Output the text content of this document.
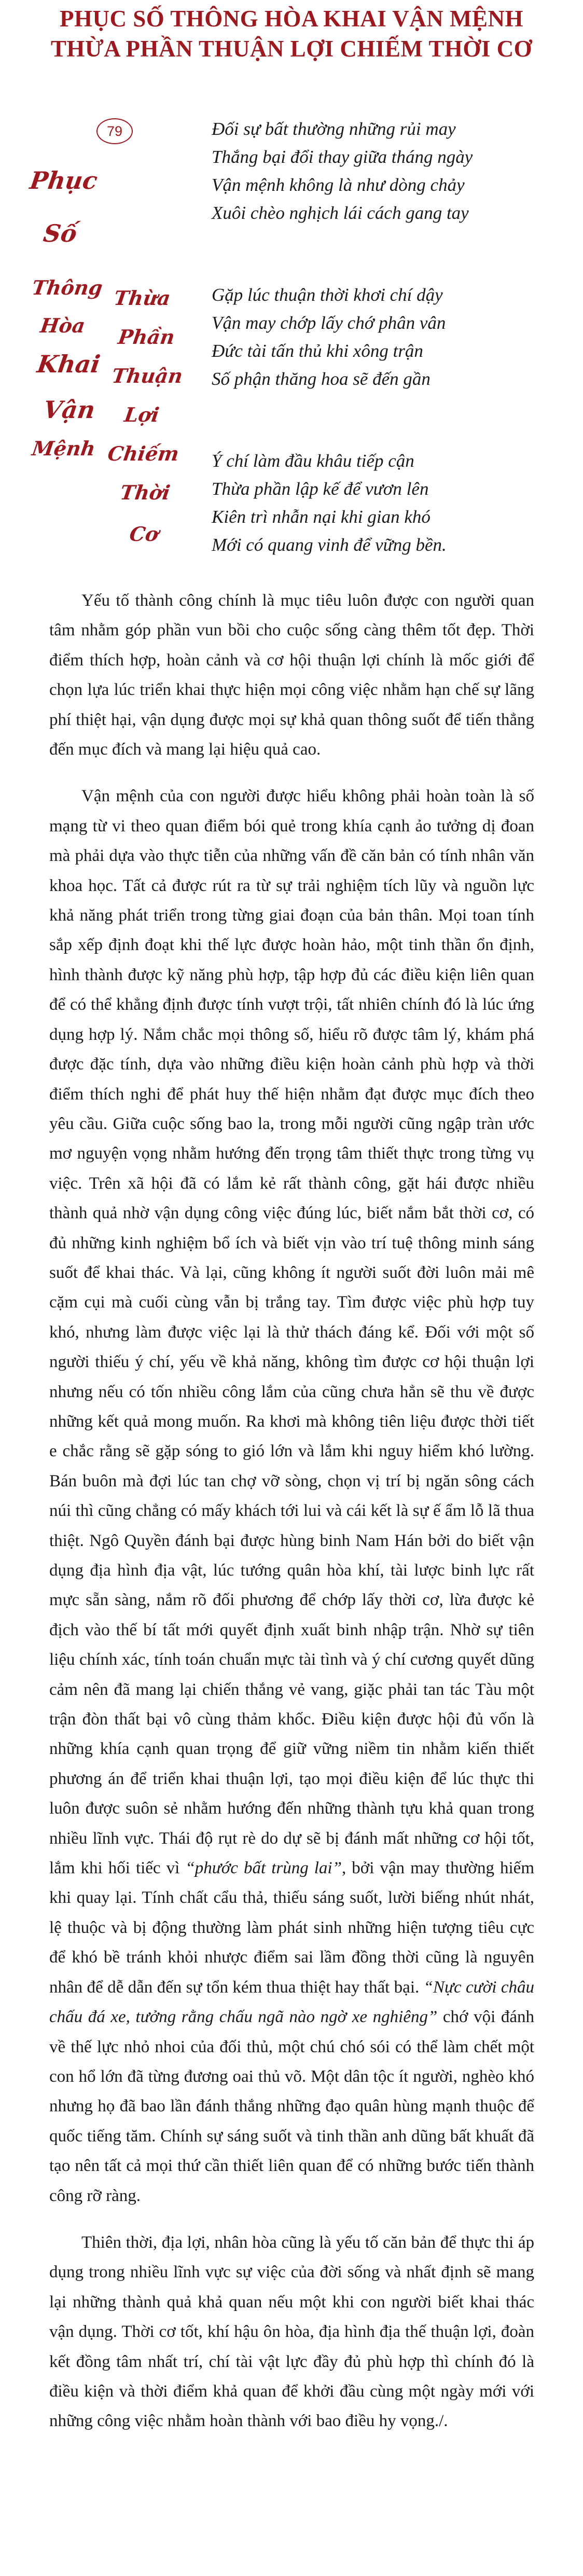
PHỤC SỐ THÔNG HÒA KHAI VẬN MỆNH
THỪA PHẦN THUẬN LỢI CHIẾM THỜI CƠ
79
Phục
Số
Thông
Hòa
Khai
Vận
Mệnh
Thừa
Phần
Thuận
Lợi
Chiếm
Thời
Cơ
Đối sự bất thường những rủi may
Thắng bại đổi thay giữa tháng ngày
Vận mệnh không là như dòng chảy
Xuôi chèo nghịch lái cách gang tay
Gặp lúc thuận thời khơi chí dậy
Vận may chớp lấy chớ phân vân
Đức tài tấn thủ khi xông trận
Số phận thăng hoa sẽ đến gần
Ý chí làm đầu khâu tiếp cận
Thừa phần lập kế để vươn lên
Kiên trì nhẫn nại khi gian khó
Mới có quang vinh để vững bền.

Yếu tố thành công chính là mục tiêu luôn được con người quan tâm nhằm góp phần vun bồi cho cuộc sống càng thêm tốt đẹp. Thời điểm thích hợp, hoàn cảnh và cơ hội thuận lợi chính là mốc giới để chọn lựa lúc triển khai thực hiện mọi công việc nhằm hạn chế sự lãng phí thiệt hại, vận dụng được mọi sự khả quan thông suốt để tiến thẳng đến mục đích và mang lại hiệu quả cao.

Vận mệnh của con người được hiểu không phải hoàn toàn là số mạng từ vi theo quan điểm bói quẻ trong khía cạnh ảo tưởng dị đoan mà phải dựa vào thực tiễn của những vấn đề căn bản có tính nhân văn khoa học. Tất cả được rút ra từ sự trải nghiệm tích lũy và nguồn lực khả năng phát triển trong từng giai đoạn của bản thân. Mọi toan tính sắp xếp định đoạt khi thế lực được hoàn hảo, một tinh thần ổn định, hình thành được kỹ năng phù hợp, tập hợp đủ các điều kiện liên quan để có thể khẳng định được tính vượt trội, tất nhiên chính đó là lúc ứng dụng hợp lý. Nắm chắc mọi thông số, hiểu rõ được tâm lý, khám phá được đặc tính, dựa vào những điều kiện hoàn cảnh phù hợp và thời điểm thích nghi để phát huy thế hiện nhằm đạt được mục đích theo yêu cầu. Giữa cuộc sống bao la, trong mỗi người cũng ngập tràn ước mơ nguyện vọng nhằm hướng đến trọng tâm thiết thực trong từng vụ việc. Trên xã hội đã có lắm kẻ rất thành công, gặt hái được nhiều thành quả nhờ vận dụng công việc đúng lúc, biết nắm bắt thời cơ, có đủ những kinh nghiệm bổ ích và biết vịn vào trí tuệ thông minh sáng suốt để khai thác. Và lại, cũng không ít người suốt đời luôn mải mê cặm cụi mà cuối cùng vẫn bị trắng tay. Tìm được việc phù hợp tuy khó, nhưng làm được việc lại là thử thách đáng kể. Đối với một số người thiếu ý chí, yếu về khả năng, không tìm được cơ hội thuận lợi nhưng nếu có tốn nhiều công lắm của cũng chưa hẳn sẽ thu về được những kết quả mong muốn. Ra khơi mà không tiên liệu được thời tiết e chắc rằng sẽ gặp sóng to gió lớn và lắm khi nguy hiểm khó lường. Bán buôn mà đợi lúc tan chợ vỡ sòng, chọn vị trí bị ngăn sông cách núi thì cũng chẳng có mấy khách tới lui và cái kết là sự ế ẩm lỗ lã thua thiệt. Ngô Quyền đánh bại được hùng binh Nam Hán bởi do biết vận dụng địa hình địa vật, lúc tướng quân hòa khí, tài lược binh lực rất mực sẵn sàng, nắm rõ đối phương để chớp lấy thời cơ, lừa được kẻ địch vào thế bí tất mới quyết định xuất binh nhập trận. Nhờ sự tiên liệu chính xác, tính toán chuẩn mực tài tình và ý chí cương quyết dũng cảm nên đã mang lại chiến thắng vẻ vang, giặc phải tan tác Tàu một trận đòn thất bại vô cùng thảm khốc. Điều kiện được hội đủ vốn là những khía cạnh quan trọng để giữ vững niềm tin nhằm kiến thiết phương án để triển khai thuận lợi, tạo mọi điều kiện để lúc thực thi luôn được suôn sẻ nhằm hướng đến những thành tựu khả quan trong nhiều lĩnh vực. Thái độ rụt rè do dự sẽ bị đánh mất những cơ hội tốt, lắm khi hối tiếc vì “phước bất trùng lai”, bởi vận may thường hiếm khi quay lại. Tính chất cẩu thả, thiếu sáng suốt, lười biếng nhút nhát, lệ thuộc và bị động thường làm phát sinh những hiện tượng tiêu cực để khó bề tránh khỏi nhược điểm sai lầm đồng thời cũng là nguyên nhân để dễ dẫn đến sự tổn kém thua thiệt hay thất bại. “Nực cười châu chấu đá xe, tưởng rằng chấu ngã nào ngờ xe nghiêng” chớ vội đánh về thế lực nhỏ nhoi của đối thủ, một chú chó sói có thể làm chết một con hổ lớn đã từng đương oai thủ võ. Một dân tộc ít người, nghèo khó nhưng họ đã bao lần đánh thắng những đạo quân hùng mạnh thuộc để quốc tiếng tăm. Chính sự sáng suốt và tinh thần anh dũng bất khuất đã tạo nên tất cả mọi thứ cần thiết liên quan để có những bước tiến thành công rỡ ràng.

Thiên thời, địa lợi, nhân hòa cũng là yếu tố căn bản để thực thi áp dụng trong nhiều lĩnh vực sự việc của đời sống và nhất định sẽ mang lại những thành quả khả quan nếu một khi con người biết khai thác vận dụng. Thời cơ tốt, khí hậu ôn hòa, địa hình địa thế thuận lợi, đoàn kết đồng tâm nhất trí, chí tài vật lực đầy đủ phù hợp thì chính đó là điều kiện và thời điểm khả quan để khởi đầu cùng một ngày mới với những công việc nhằm hoàn thành với bao điều hy vọng./.
